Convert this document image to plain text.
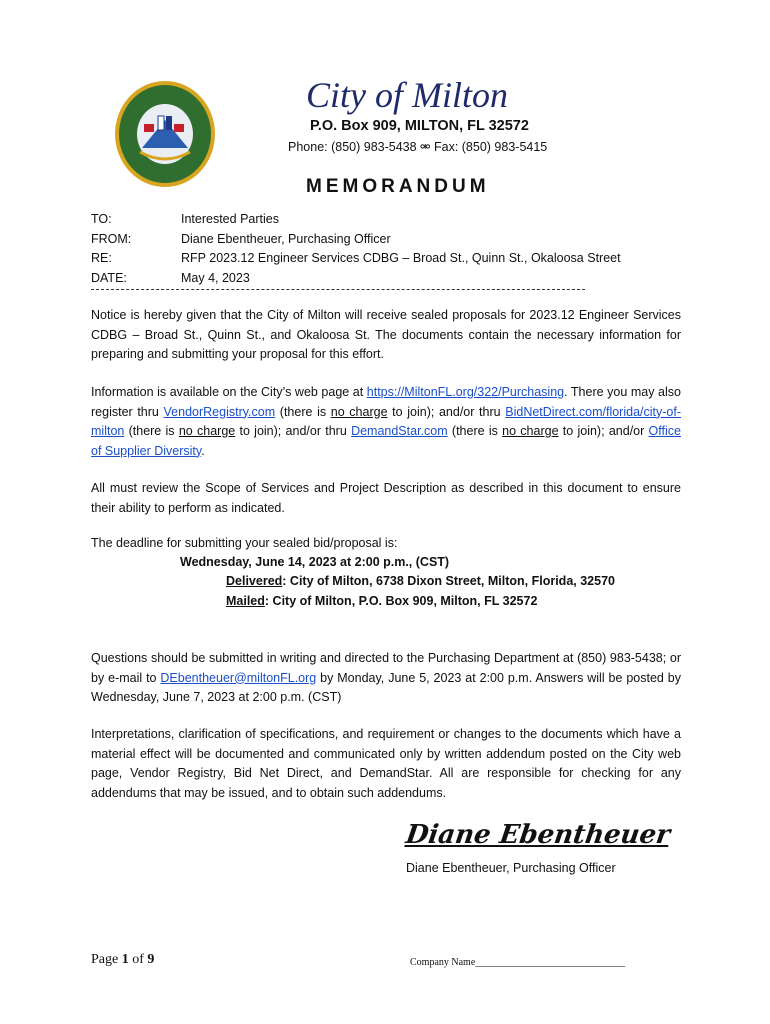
City of Milton
P.O. Box 909, MILTON, FL 32572
Phone: (850) 983-5438 ⚮ Fax: (850) 983-5415
MEMORANDUM
TO:	Interested Parties
FROM:	Diane Ebentheuer, Purchasing Officer
RE:	RFP 2023.12 Engineer Services CDBG – Broad St., Quinn St., Okaloosa Street
DATE:	May 4, 2023
Notice is hereby given that the City of Milton will receive sealed proposals for 2023.12 Engineer Services CDBG – Broad St., Quinn St., and Okaloosa St. The documents contain the necessary information for preparing and submitting your proposal for this effort.
Information is available on the City’s web page at https://MiltonFL.org/322/Purchasing. There you may also register thru VendorRegistry.com (there is no charge to join); and/or thru BidNetDirect.com/florida/city-of-milton (there is no charge to join); and/or thru DemandStar.com (there is no charge to join); and/or Office of Supplier Diversity.
All must review the Scope of Services and Project Description as described in this document to ensure their ability to perform as indicated.
The deadline for submitting your sealed bid/proposal is:
Wednesday, June 14, 2023 at 2:00 p.m., (CST)
Delivered: City of Milton, 6738 Dixon Street, Milton, Florida, 32570
Mailed: City of Milton, P.O. Box 909, Milton, FL 32572
Questions should be submitted in writing and directed to the Purchasing Department at (850) 983-5438; or by e-mail to DEbentheuer@miltonFL.org by Monday, June 5, 2023 at 2:00 p.m. Answers will be posted by Wednesday, June 7, 2023 at 2:00 p.m. (CST)
Interpretations, clarification of specifications, and requirement or changes to the documents which have a material effect will be documented and communicated only by written addendum posted on the City web page, Vendor Registry, Bid Net Direct, and DemandStar. All are responsible for checking for any addendums that may be issued, and to obtain such addendums.
Diane Ebentheuer
Diane Ebentheuer, Purchasing Officer
Page 1 of 9	Company Name______________________________
